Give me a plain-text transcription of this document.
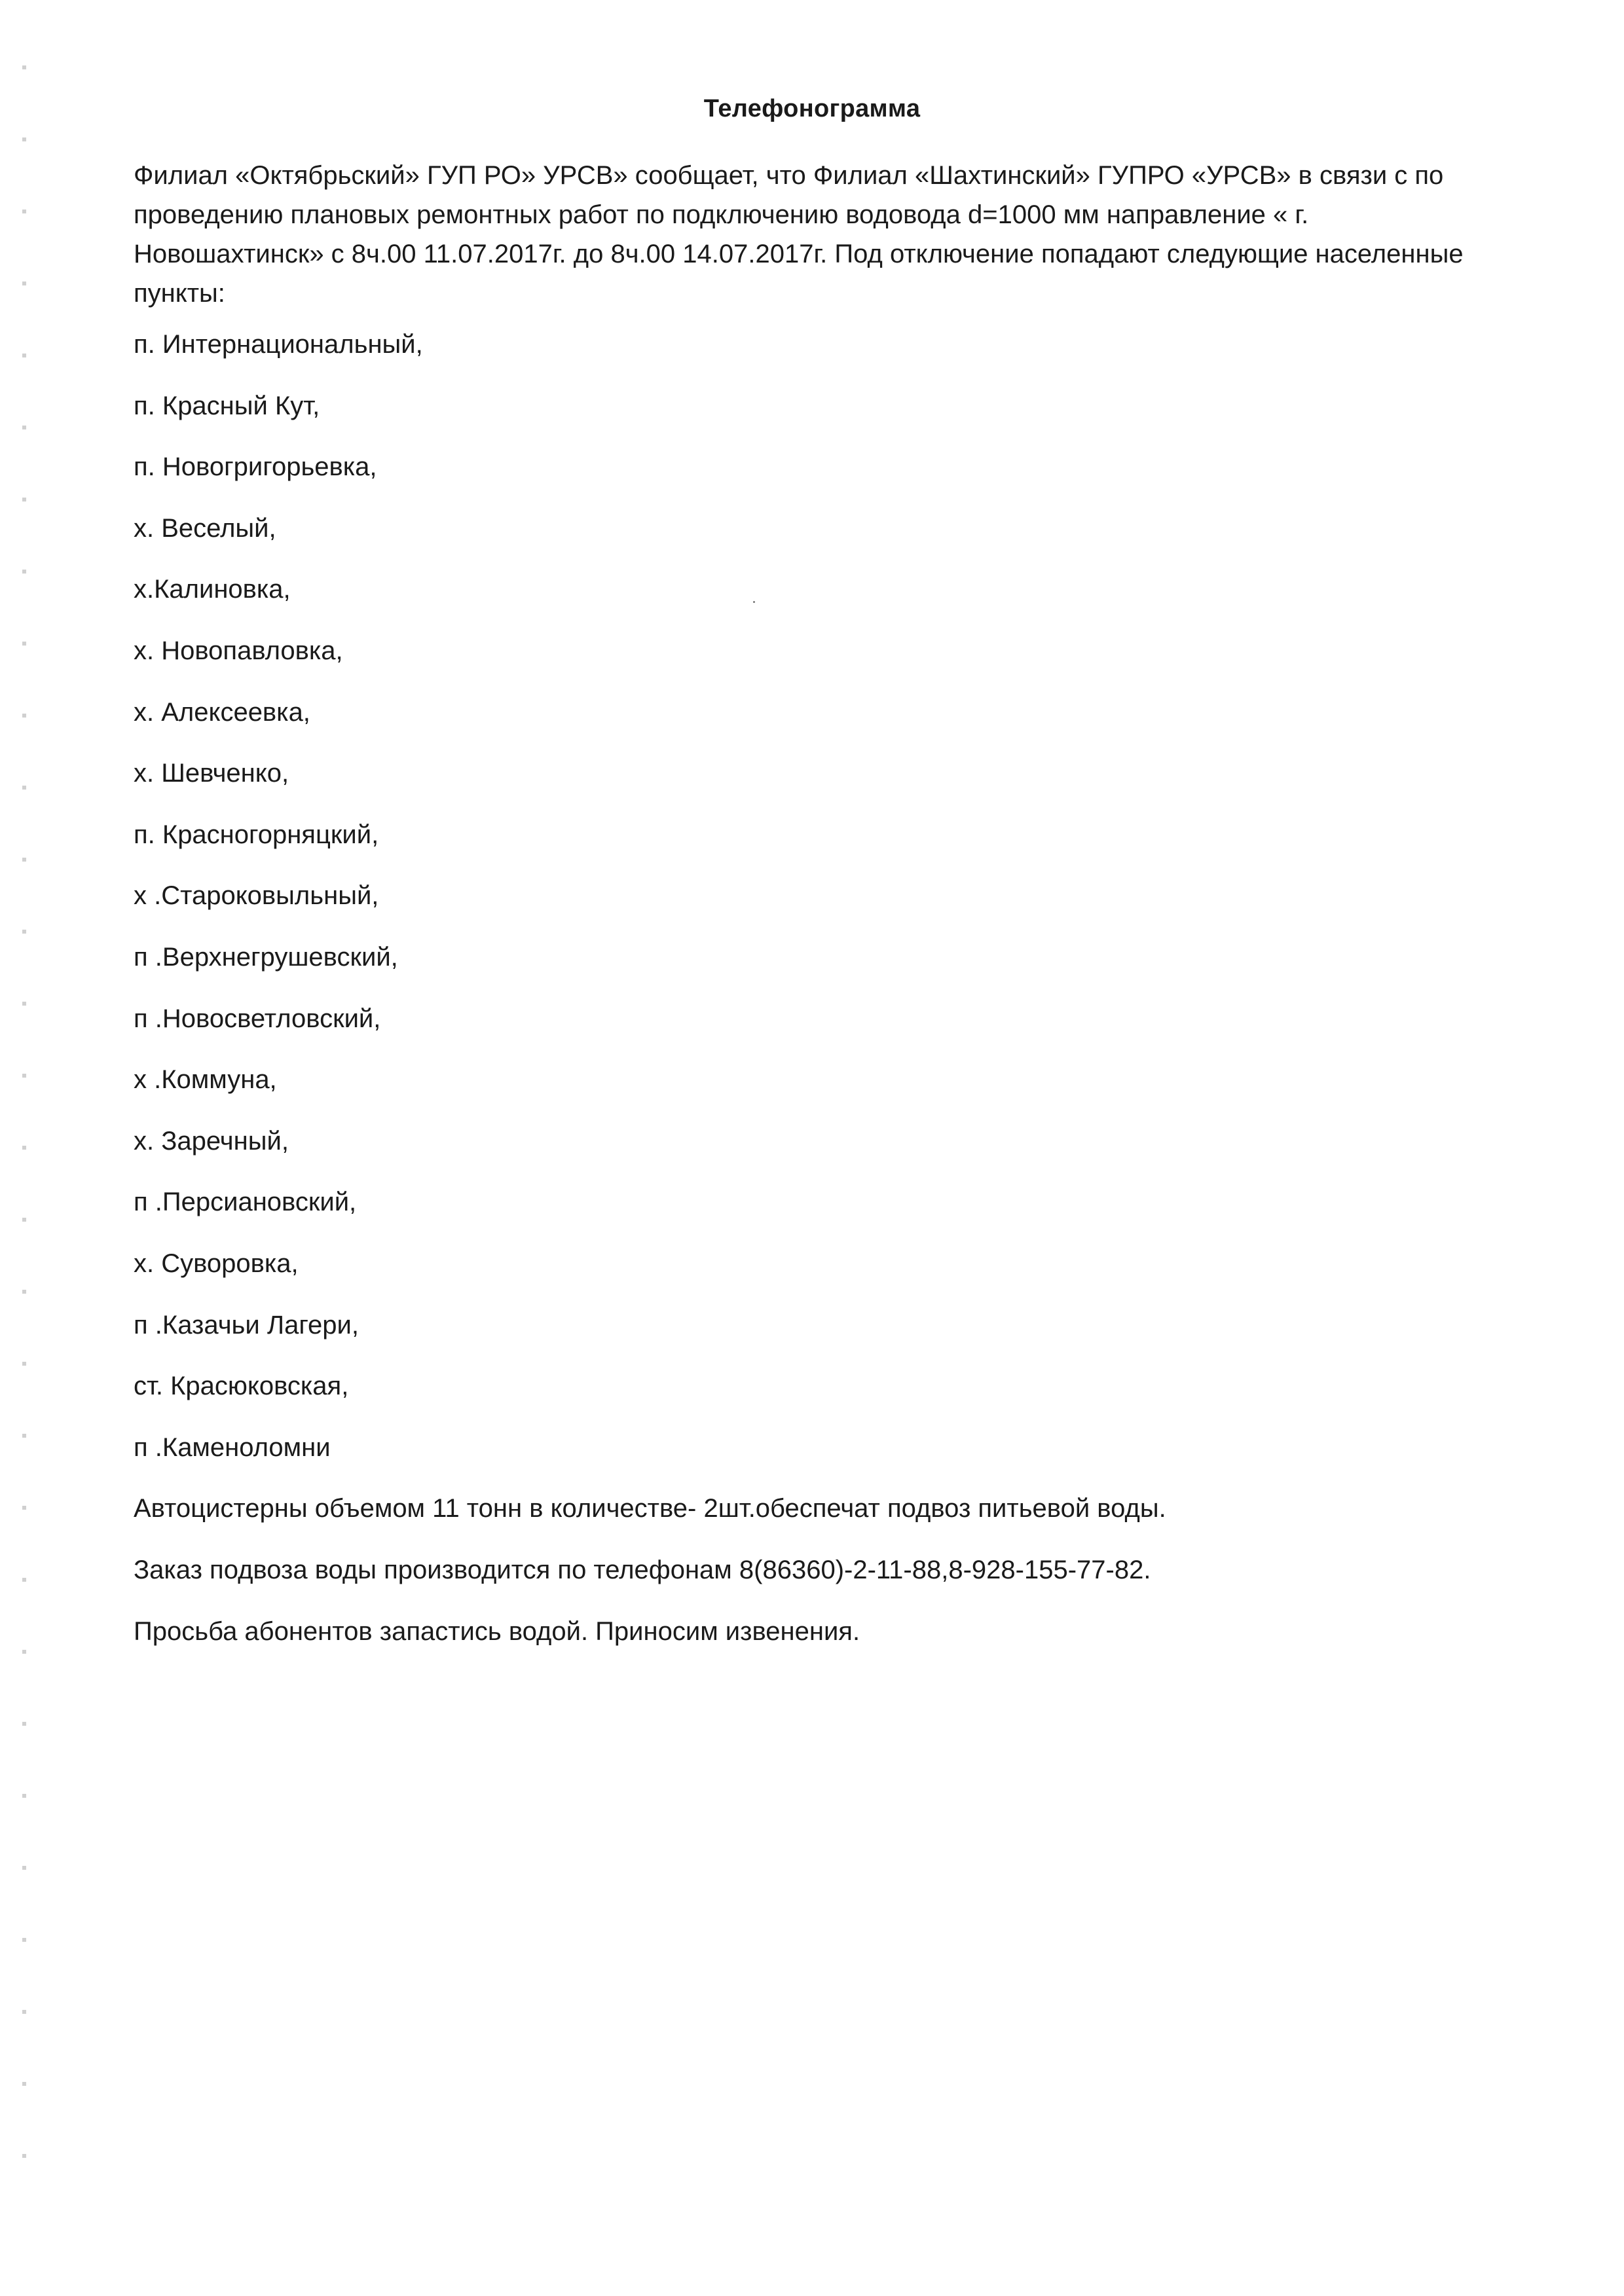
Телефонограмма
Филиал «Октябрьский» ГУП РО» УРСВ» сообщает, что Филиал «Шахтинский» ГУПРО «УРСВ» в связи с по
проведению плановых ремонтных работ по подключению водовода d=1000 мм направление « г.
Новошахтинск» с 8ч.00 11.07.2017г. до 8ч.00 14.07.2017г. Под отключение попадают следующие населенные
пункты:
п. Интернациональный,
п. Красный Кут,
п. Новогригорьевка,
х. Веселый,
х.Калиновка,
х. Новопавловка,
х. Алексеевка,
х. Шевченко,
п. Красногорняцкий,
х .Староковыльный,
п .Верхнегрушевский,
п .Новосветловский,
х .Коммуна,
х. Заречный,
п .Персиановский,
х. Суворовка,
п .Казачьи Лагери,
ст. Красюковская,
п .Каменоломни

Автоцистерны объемом 11 тонн в количестве- 2шт.обеспечат подвоз питьевой воды.

Заказ подвоза воды производится по телефонам 8(86360)-2-11-88,8-928-155-77-82.

Просьба абонентов запастись водой. Приносим извенения.
